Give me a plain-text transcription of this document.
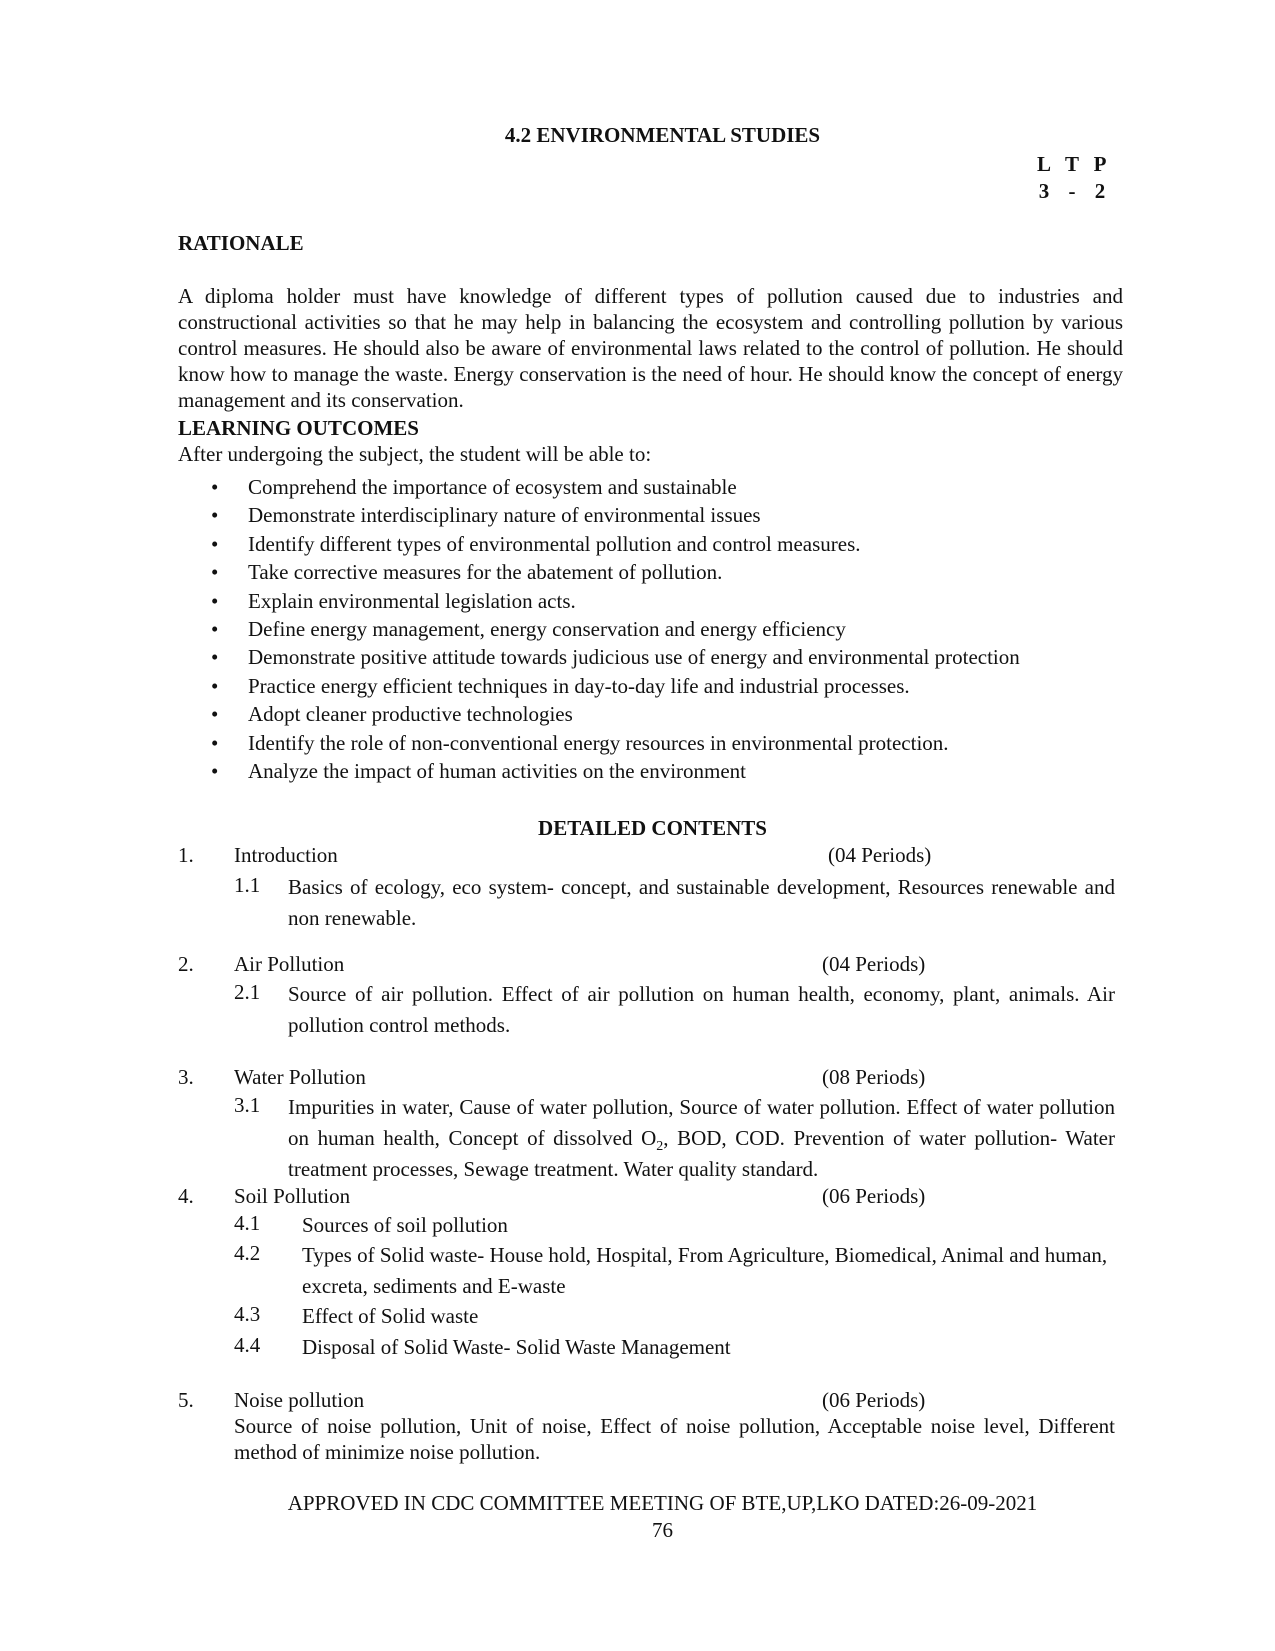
4.2 ENVIRONMENTAL STUDIES
L T P
3 - 2
RATIONALE

A diploma holder must have knowledge of different types of pollution caused due to industries and constructional activities so that he may help in balancing the ecosystem and controlling pollution by various control measures. He should also be aware of environmental laws related to the control of pollution. He should know how to manage the waste. Energy conservation is the need of hour. He should know the concept of energy management and its conservation.

LEARNING OUTCOMES
After undergoing the subject, the student will be able to:
• Comprehend the importance of ecosystem and sustainable
• Demonstrate interdisciplinary nature of environmental issues
• Identify different types of environmental pollution and control measures.
• Take corrective measures for the abatement of pollution.
• Explain environmental legislation acts.
• Define energy management, energy conservation and energy efficiency
• Demonstrate positive attitude towards judicious use of energy and environmental protection
• Practice energy efficient techniques in day-to-day life and industrial processes.
• Adopt cleaner productive technologies
• Identify the role of non-conventional energy resources in environmental protection.
• Analyze the impact of human activities on the environment
DETAILED CONTENTS
1. Introduction	(04 Periods)
1.1 Basics of ecology, eco system- concept, and sustainable development, Resources renewable and non renewable.
2. Air Pollution	(04 Periods)
2.1 Source of air pollution. Effect of air pollution on human health, economy, plant, animals. Air pollution control methods.
3. Water Pollution	(08 Periods)
3.1 Impurities in water, Cause of water pollution, Source of water pollution. Effect of water pollution on human health, Concept of dissolved $O_2$, BOD, COD. Prevention of water pollution- Water treatment processes, Sewage treatment. Water quality standard.
4. Soil Pollution	(06 Periods)
4.1 Sources of soil pollution
4.2 Types of Solid waste- House hold, Hospital, From Agriculture, Biomedical, Animal and human, excreta, sediments and E-waste
4.3 Effect of Solid waste
4.4 Disposal of Solid Waste- Solid Waste Management
5. Noise pollution	(06 Periods)
Source of noise pollution, Unit of noise, Effect of noise pollution, Acceptable noise level, Different method of minimize noise pollution.
APPROVED IN CDC COMMITTEE MEETING OF BTE,UP,LKO DATED:26-09-2021
76
